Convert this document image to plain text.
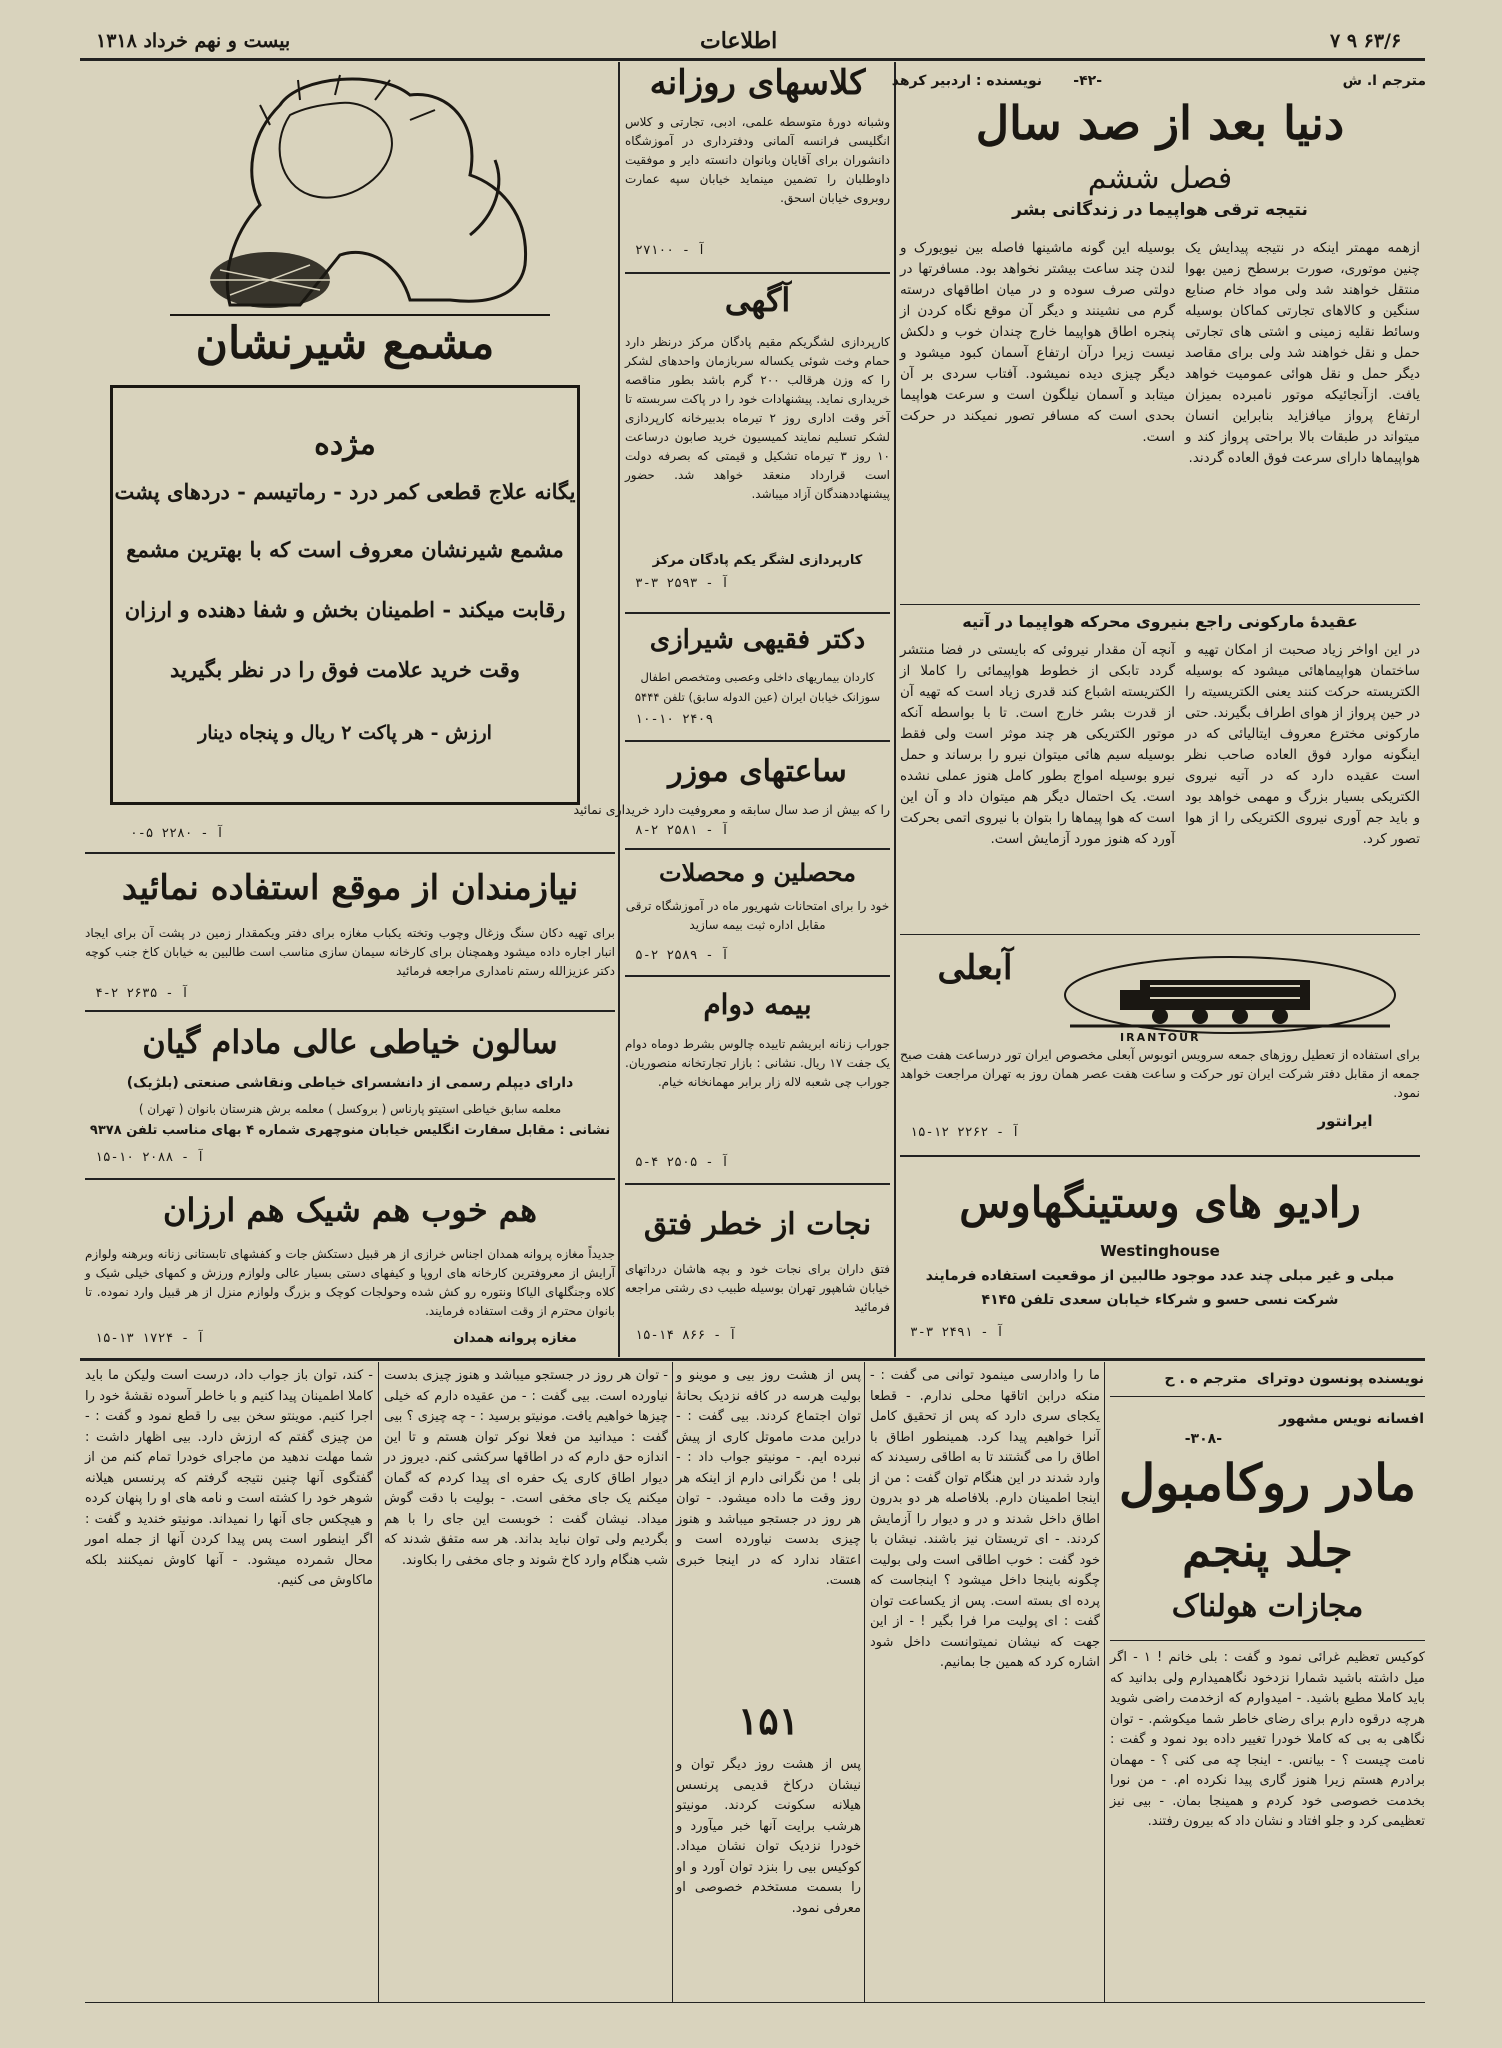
بیست و نهم خرداد ۱۳۱۸	اطلاعات	۷ ۹ ۶۳/۶
مترجم ا. ش
-۴۲-
نویسنده : اردبیر کرهد
دنیا بعد از صد سال
فصل ششم
نتیجه ترقی هواپیما در زندگانی بشر
ازهمه مهمتر اینکه در نتیجه پیدایش یک چنین موتوری، صورت برسطح زمین بهوا منتقل خواهند شد ولی مواد خام صنایع سنگین و کالاهای تجارتی کماکان بوسیله وسائط نقلیه زمینی و اشتی های تجارتی حمل و نقل خواهند شد ولی برای مقاصد دیگر حمل و نقل هوائی عمومیت خواهد یافت. ازآنجائیکه موتور نامبرده بمیزان ارتفاع پرواز میافزاید بنابراین انسان میتواند در طبقات بالا براحتی پرواز کند و هواپیماها دارای سرعت فوق العاده گردند.
بوسیله این گونه ماشینها فاصله بین نیویورک و لندن چند ساعت بیشتر نخواهد بود. مسافرتها در دولتی صرف سوده و در میان اطاقهای درسته گرم می نشینند و دیگر آن موقع نگاه کردن از پنجره اطاق هواپیما خارج چندان خوب و دلکش نیست زیرا درآن ارتفاع آسمان کبود میشود و دیگر چیزی دیده نمیشود. آفتاب سردی بر آن میتابد و آسمان نیلگون است و سرعت هواپیما بحدی است که مسافر تصور نمیکند در حرکت است.
عقیدهٔ مارکونی راجع بنیروی محرکه هواپیما در آتیه
در این اواخر زیاد صحبت از امکان تهیه و ساختمان هواپیماهائی میشود که بوسیله الکتریسته حرکت کنند یعنی الکتریسیته را در حین پرواز از هوای اطراف بگیرند. حتی مارکونی مخترع معروف ایتالیائی که در اینگونه موارد فوق العاده صاحب نظر است عقیده دارد که در آتیه نیروی الکتریکی بسیار بزرگ و مهمی خواهد بود و باید جم آوری نیروی الکتریکی را از هوا تصور کرد.
آنچه آن مقدار نیروئی که بایستی در فضا منتشر گردد تابکی از خطوط هواپیمائی را کاملا از الکتریسته اشباع کند قدری زیاد است که تهیه آن از قدرت بشر خارج است. تا با بواسطه آنکه موتور الکتریکی هر چند موثر است ولی فقط بوسیله سیم هائی میتوان نیرو را برساند و حمل نیرو بوسیله امواج بطور کامل هنوز عملی نشده است. یک احتمال دیگر هم میتوان داد و آن این است که هوا پیماها را بتوان با نیروی اتمی بحرکت آورد که هنوز مورد آزمایش است.
آبعلی
IRANTOUR
برای استفاده از تعطیل روزهای جمعه سرویس اتوبوس آبعلی مخصوص ایران تور درساعت هفت صبح جمعه از مقابل دفتر شرکت ایران تور حرکت و ساعت هفت عصر همان روز به تهران مراجعت خواهد نمود.
ایرانتور
آ - ۲۲۶۲ ۱۲-۱۵
رادیو های وستینگهاوس
Westinghouse
مبلی و غیر مبلی چند عدد موجود طالبین از موقعیت استفاده فرمایند
شرکت نسی حسو و شرکاء خیابان سعدی تلفن ۴۱۴۵
آ - ۲۴۹۱ ۳-۳
کلاسهای روزانه
وشبانه دورهٔ متوسطه علمی، ادبی، تجارتی و کلاس انگلیسی فرانسه آلمانی ودفترداری در آموزشگاه دانشوران برای آقایان وبانوان دانسته دایر و موفقیت داوطلبان را تضمین مینماید خیابان سپه عمارت روبروی خیابان اسحق.
آ - ۲۷۱۰۰
آگهی
کارپردازی لشگریکم مقیم پادگان مرکز درنظر دارد حمام وخت شوئی یکساله سربازمان واحدهای لشکر را که وزن هرقالب ۲۰۰ گرم باشد بطور مناقصه خریداری نماید. پیشنهادات خود را در پاکت سربسته تا آخر وقت اداری روز ۲ تیرماه بدبیرخانه کارپردازی لشکر تسلیم نمایند کمیسیون خرید صابون درساعت ۱۰ روز ۳ تیرماه تشکیل و قیمتی که بصرفه دولت است قرارداد منعقد خواهد شد. حضور پیشنهاددهندگان آزاد میباشد.
کارپردازی لشگر یکم پادگان مرکز
آ - ۲۵۹۳ ۳-۳
دکتر فقیهی شیرازی
کاردان بیماریهای داخلی وعصبی ومتخصص اطفال
سوزانک خیابان ایران (عین الدوله سابق) تلفن ۵۴۴۴
۲۴۰۹ ۱۰-۱۰
ساعتهای موزر
را که بیش از صد سال سابقه و معروفیت دارد خریداری نمائید
آ - ۲۵۸۱ ۲-۸
محصلین و محصلات
خود را برای امتحانات شهریور ماه در آموزشگاه ترقی مقابل اداره ثبت بیمه سازید
آ - ۲۵۸۹ ۲-۵
بیمه دوام
جوراب زنانه ابریشم تاییده چالوس بشرط دوماه دوام یک جفت ۱۷ ریال. نشانی : بازار تجارتخانه منصوریان. جوراب چی شعبه لاله زار برابر مهمانخانه خیام.
آ - ۲۵۰۵ ۴-۵
نجات از خطر فتق
فتق داران برای نجات خود و بچه هاشان درداتهای خیابان شاهپور تهران بوسیله طبیب دی رشتی مراجعه فرمائید
آ - ۸۶۶ ۱۴-۱۵
مشمع شیرنشان
مژده
یگانه علاج قطعی کمر درد - رماتیسم - دردهای پشت
مشمع شیرنشان معروف است که با بهترین مشمع
رقابت میکند - اطمینان بخش و شفا دهنده و ارزان
وقت خرید علامت فوق را در نظر بگیرید
ارزش - هر پاکت ۲ ریال و پنجاه دینار
آ - ۲۲۸۰ ۵-۰
نیازمندان از موقع استفاده نمائید
برای تهیه دکان سنگ وزغال وچوب وتخته یکباب مغازه برای دفتر ویکمقدار زمین در پشت آن برای ایجاد انبار اجاره داده میشود وهمچنان برای کارخانه سیمان سازی مناسب است طالبین به خیابان کاخ جنب کوچه دکتر عزیزالله رستم نامداری مراجعه فرمائید
آ - ۲۶۳۵ ۲-۴
سالون خیاطی عالی مادام گیان
دارای دیپلم رسمی از دانشسرای خیاطی ونقاشی صنعتی (بلژیک)
معلمه سابق خیاطی استیتو پارناس ( بروکسل ) معلمه برش هنرستان بانوان ( تهران )
نشانی : مقابل سفارت انگلیس خیابان منوچهری شماره ۴ بهای مناسب تلفن ۹۳۷۸
آ - ۲۰۸۸ ۱۰-۱۵
هم خوب هم شیک هم ارزان
جدیداً مغازه پروانه همدان اجناس خرازی از هر قبیل دستکش جات و کفشهای تابستانی زنانه وبرهنه ولوازم آرایش از معروفترین کارخانه های اروپا و کیفهای دستی بسیار عالی ولوازم ورزش و کمهای خیلی شیک و کلاه وجنگلهای الیاکا ونتوره رو کش شده وحولجات کوچک و بزرگ ولوازم منزل از هر قبیل وارد نموده. تا بانوان محترم از وقت استفاده فرمایند.
مغازه پروانه همدان
آ - ۱۷۲۴ ۱۳-۱۵
نویسنده پونسون دوترای
مترجم ه . ح
افسانه نویس مشهور
-۳۰۸-
مادر روکامبول
جلد پنجم
مجازات هولناک
کوکیس تعظیم غرائی نمود و گفت : بلی خانم ! ۱ - اگر میل داشته باشید شمارا نزدخود نگاهمیدارم ولی بدانید که باید کاملا مطیع باشید. - امیدوارم که ازخدمت راضی شوید هرچه درقوه دارم برای رضای خاطر شما میکوشم. - توان نگاهی به بی که کاملا خودرا تغییر داده بود نمود و گفت : نامت چیست ؟ - بیانس. - اینجا چه می کنی ؟ - مهمان برادرم هستم زیرا هنوز گاری پیدا نکرده ام. - من نورا بخدمت خصوصی خود کردم و همینجا بمان. - بیی نیز تعظیمی کرد و جلو افتاد و نشان داد که بیرون رفتند.
ما را وادارسی مینمود توانی می گفت : - منکه درابن اتاقها محلی ندارم. - قطعا یکجای سری دارد که پس از تحقیق کامل آنرا خواهیم پیدا کرد. همینطور اطاق با اطاق را می گشتند تا به اطاقی رسیدند که وارد شدند در این هنگام توان گفت : من از اینجا اطمینان دارم. بلافاصله هر دو بدرون اطاق داخل شدند و در و دیوار را آزمایش کردند. - ای تریستان نیز باشند. نیشان با خود گفت : خوب اطاقی است ولی بولیت چگونه باینجا داخل میشود ؟ اینجاست که پرده ای بسته است. پس از یکساعت توان گفت : ای پولیت مرا فرا بگیر ! - از این جهت که نیشان نمیتوانست داخل شود اشاره کرد که همین جا بمانیم.
۱۵۱
پس از هشت روز بیی و موینو و بولیت هرسه در کافه نزدیک بحانهٔ توان اجتماع کردند. بیی گفت : - دراین مدت ماموتل کاری از پیش نبرده ایم. - مونیتو جواب داد : - بلی ! من نگرانی دارم از اینکه هر روز وقت ما داده میشود. - توان هر روز در جستجو میباشد و هنوز چیزی بدست نیاورده است و اعتقاد ندارد که در اینجا خبری هست.
پس از هشت روز دیگر توان و نیشان درکاخ قدیمی پرنسس هیلانه سکونت کردند. مونیتو هرشب برایت آنها خبر میآورد و خودرا نزدیک توان نشان میداد. کوکیس بیی را بنزد توان آورد و او را بسمت مستخدم خصوصی او معرفی نمود.
- توان هر روز در جستجو میباشد و هنوز چیزی بدست نیاورده است. بیی گفت : - من عقیده دارم که خیلی چیزها خواهیم یافت. مونیتو برسید : - چه چیزی ؟ بیی گفت : میدانید من فعلا نوکر توان هستم و تا این اندازه حق دارم که در اطاقها سرکشی کنم. دیروز در دیوار اطاق کاری یک حفره ای پیدا کردم که گمان میکنم یک جای مخفی است. - بولیت با دقت گوش میداد. نیشان گفت : خوبست این جای را با هم بگردیم ولی توان نباید بداند. هر سه متفق شدند که شب هنگام وارد کاخ شوند و جای مخفی را بکاوند.
- کند، توان باز جواب داد، درست است ولیکن ما باید کاملا اطمینان پیدا کنیم و با خاطر آسوده نقشهٔ خود را اجرا کنیم. موینتو سخن بیی را قطع نمود و گفت : - من چیزی گفتم که ارزش دارد. بیی اظهار داشت : شما مهلت ندهید من ماجرای خودرا تمام کنم من از گفتگوی آنها چنین نتیجه گرفتم که پرنسس هیلانه شوهر خود را کشته است و نامه های او را پنهان کرده و هیچکس جای آنها را نمیداند. مونیتو خندید و گفت : اگر اینطور است پس پیدا کردن آنها از جمله امور محال شمرده میشود. - آنها کاوش نمیکنند بلکه ماکاوش می کنیم.
